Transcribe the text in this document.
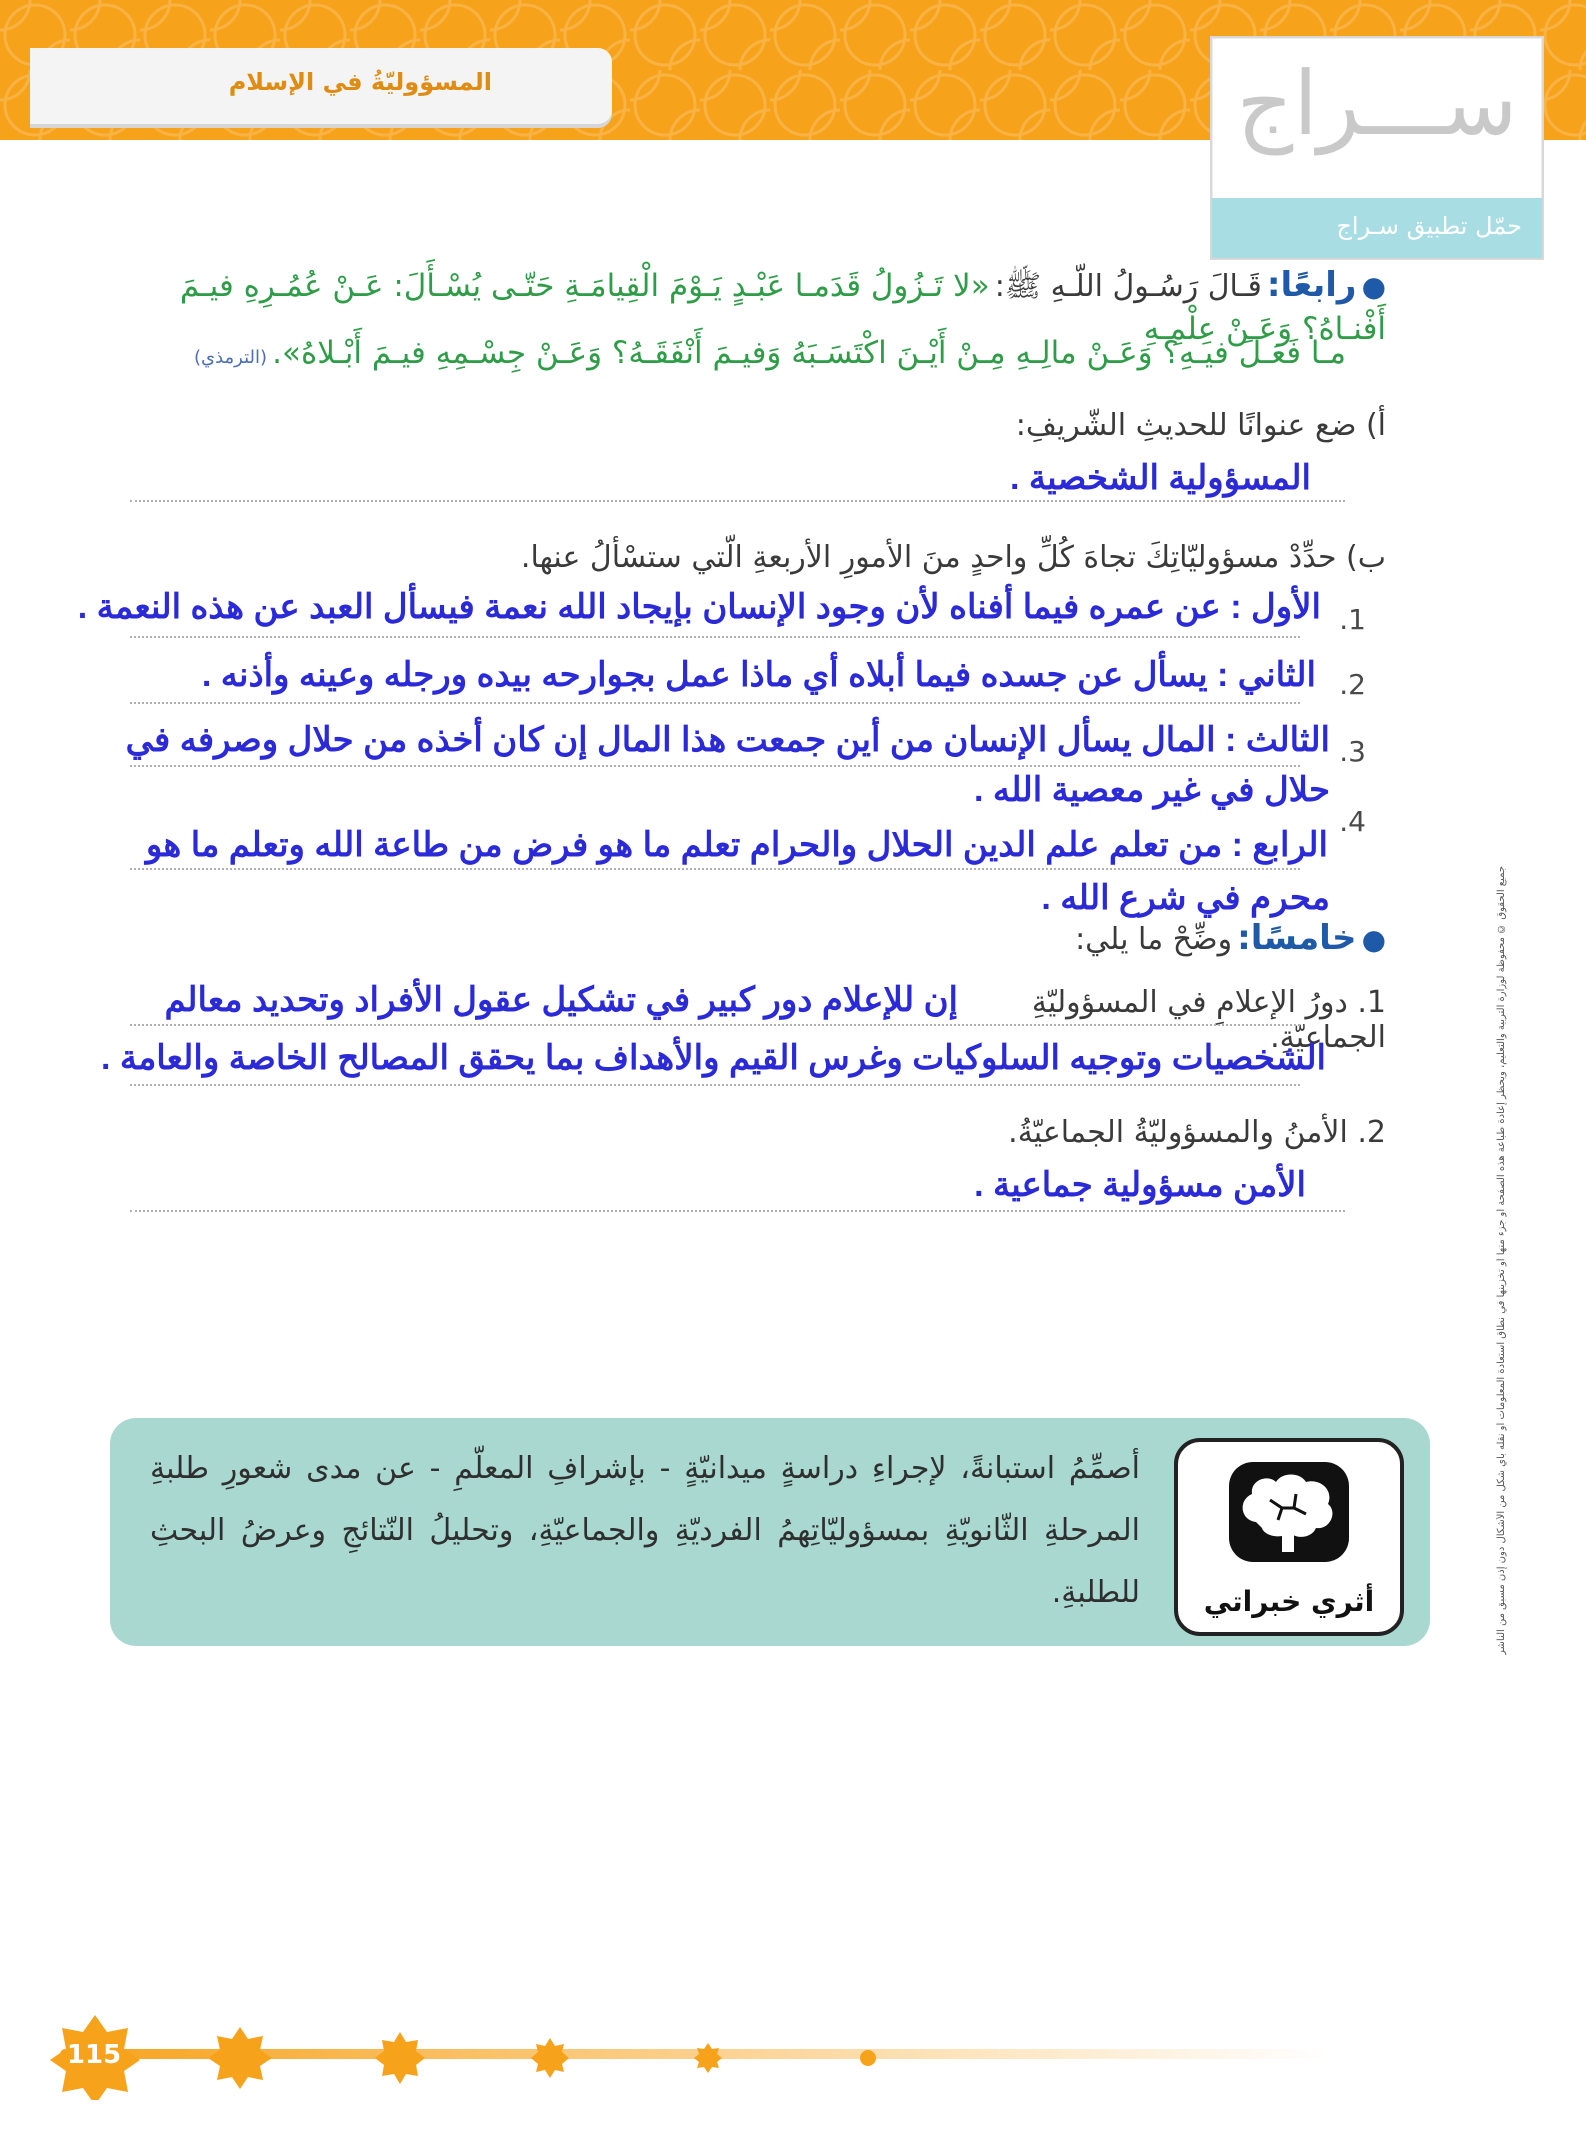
المسؤوليّةُ في الإسلام	ســـراج
حمّل تطبيق سـراج
جميع الحقوق © محفوظة لوزارة التربية والتعليم، ويحظر إعادة طباعة هذه الصفحة أو جزء منها أو تخزينها في نطاق استعادة المعلومات أو نقله بأي شكل من الأشكال دون إذن مسبق من الناشر
● رابعًا: قَـالَ رَسُـولُ اللّـهِ ﷺ: «لا تَـزُولُ قَدَمـا عَبْـدٍ يَـوْمَ الْقِيامَـةِ حَتّـى يُسْـأَلَ: عَـنْ عُمُـرِهِ فيـمَ أَفْنـاهُ؟ وَعَـنْ عِلْمِـهِ
مـا فَعَـلَ فيـهِ؟ وَعَـنْ مالِـهِ مِـنْ أَيْـنَ اكْتَسَـبَهُ وَفيـمَ أَنْفَقَـهُ؟ وَعَـنْ جِسْـمِهِ فيـمَ أَبْـلاهُ». (الترمذي)
أ) ضع عنوانًا للحديثِ الشّريفِ:
المسؤولية الشخصية .
ب) حدِّدْ مسؤوليّاتِكَ تجاهَ كُلِّ واحدٍ منَ الأمورِ الأربعةِ الّتي ستسْألُ عنها.
1.
الأول : عن عمره فيما أفناه لأن وجود الإنسان بإيجاد الله نعمة فيسأل العبد عن هذه النعمة .
2.
الثاني : يسأل عن جسده فيما أبلاه أي ماذا عمل بجوارحه بيده ورجله وعينه وأذنه .
3.
الثالث : المال يسأل الإنسان من أين جمعت هذا المال إن كان أخذه من حلال وصرفه في
حلال في غير معصية الله .
4.
الرابع : من تعلم علم الدين الحلال والحرام تعلم ما هو فرض من طاعة الله وتعلم ما هو
محرم في شرع الله .
● خامسًا: وضِّحْ ما يلي:
1. دورُ الإعلامِ في المسؤوليّةِ الجماعيّةِ.
إن للإعلام دور كبير في تشكيل عقول الأفراد وتحديد معالم
الشخصيات وتوجيه السلوكيات وغرس القيم والأهداف بما يحقق المصالح الخاصة والعامة .
2. الأمنُ والمسؤوليّةُ الجماعيّةُ.
الأمن مسؤولية جماعية .
أثري خبراتي
أصمِّمُ استبانةً، لإجراءِ دراسةٍ ميدانيّةٍ - بإشرافِ المعلّمِ - عن مدى شعورِ طلبةِ المرحلةِ الثّانويّةِ بمسؤوليّاتِهمُ الفرديّةِ والجماعيّةِ، وتحليلُ النّتائجِ وعرضُ البحثِ للطلبةِ.
115
